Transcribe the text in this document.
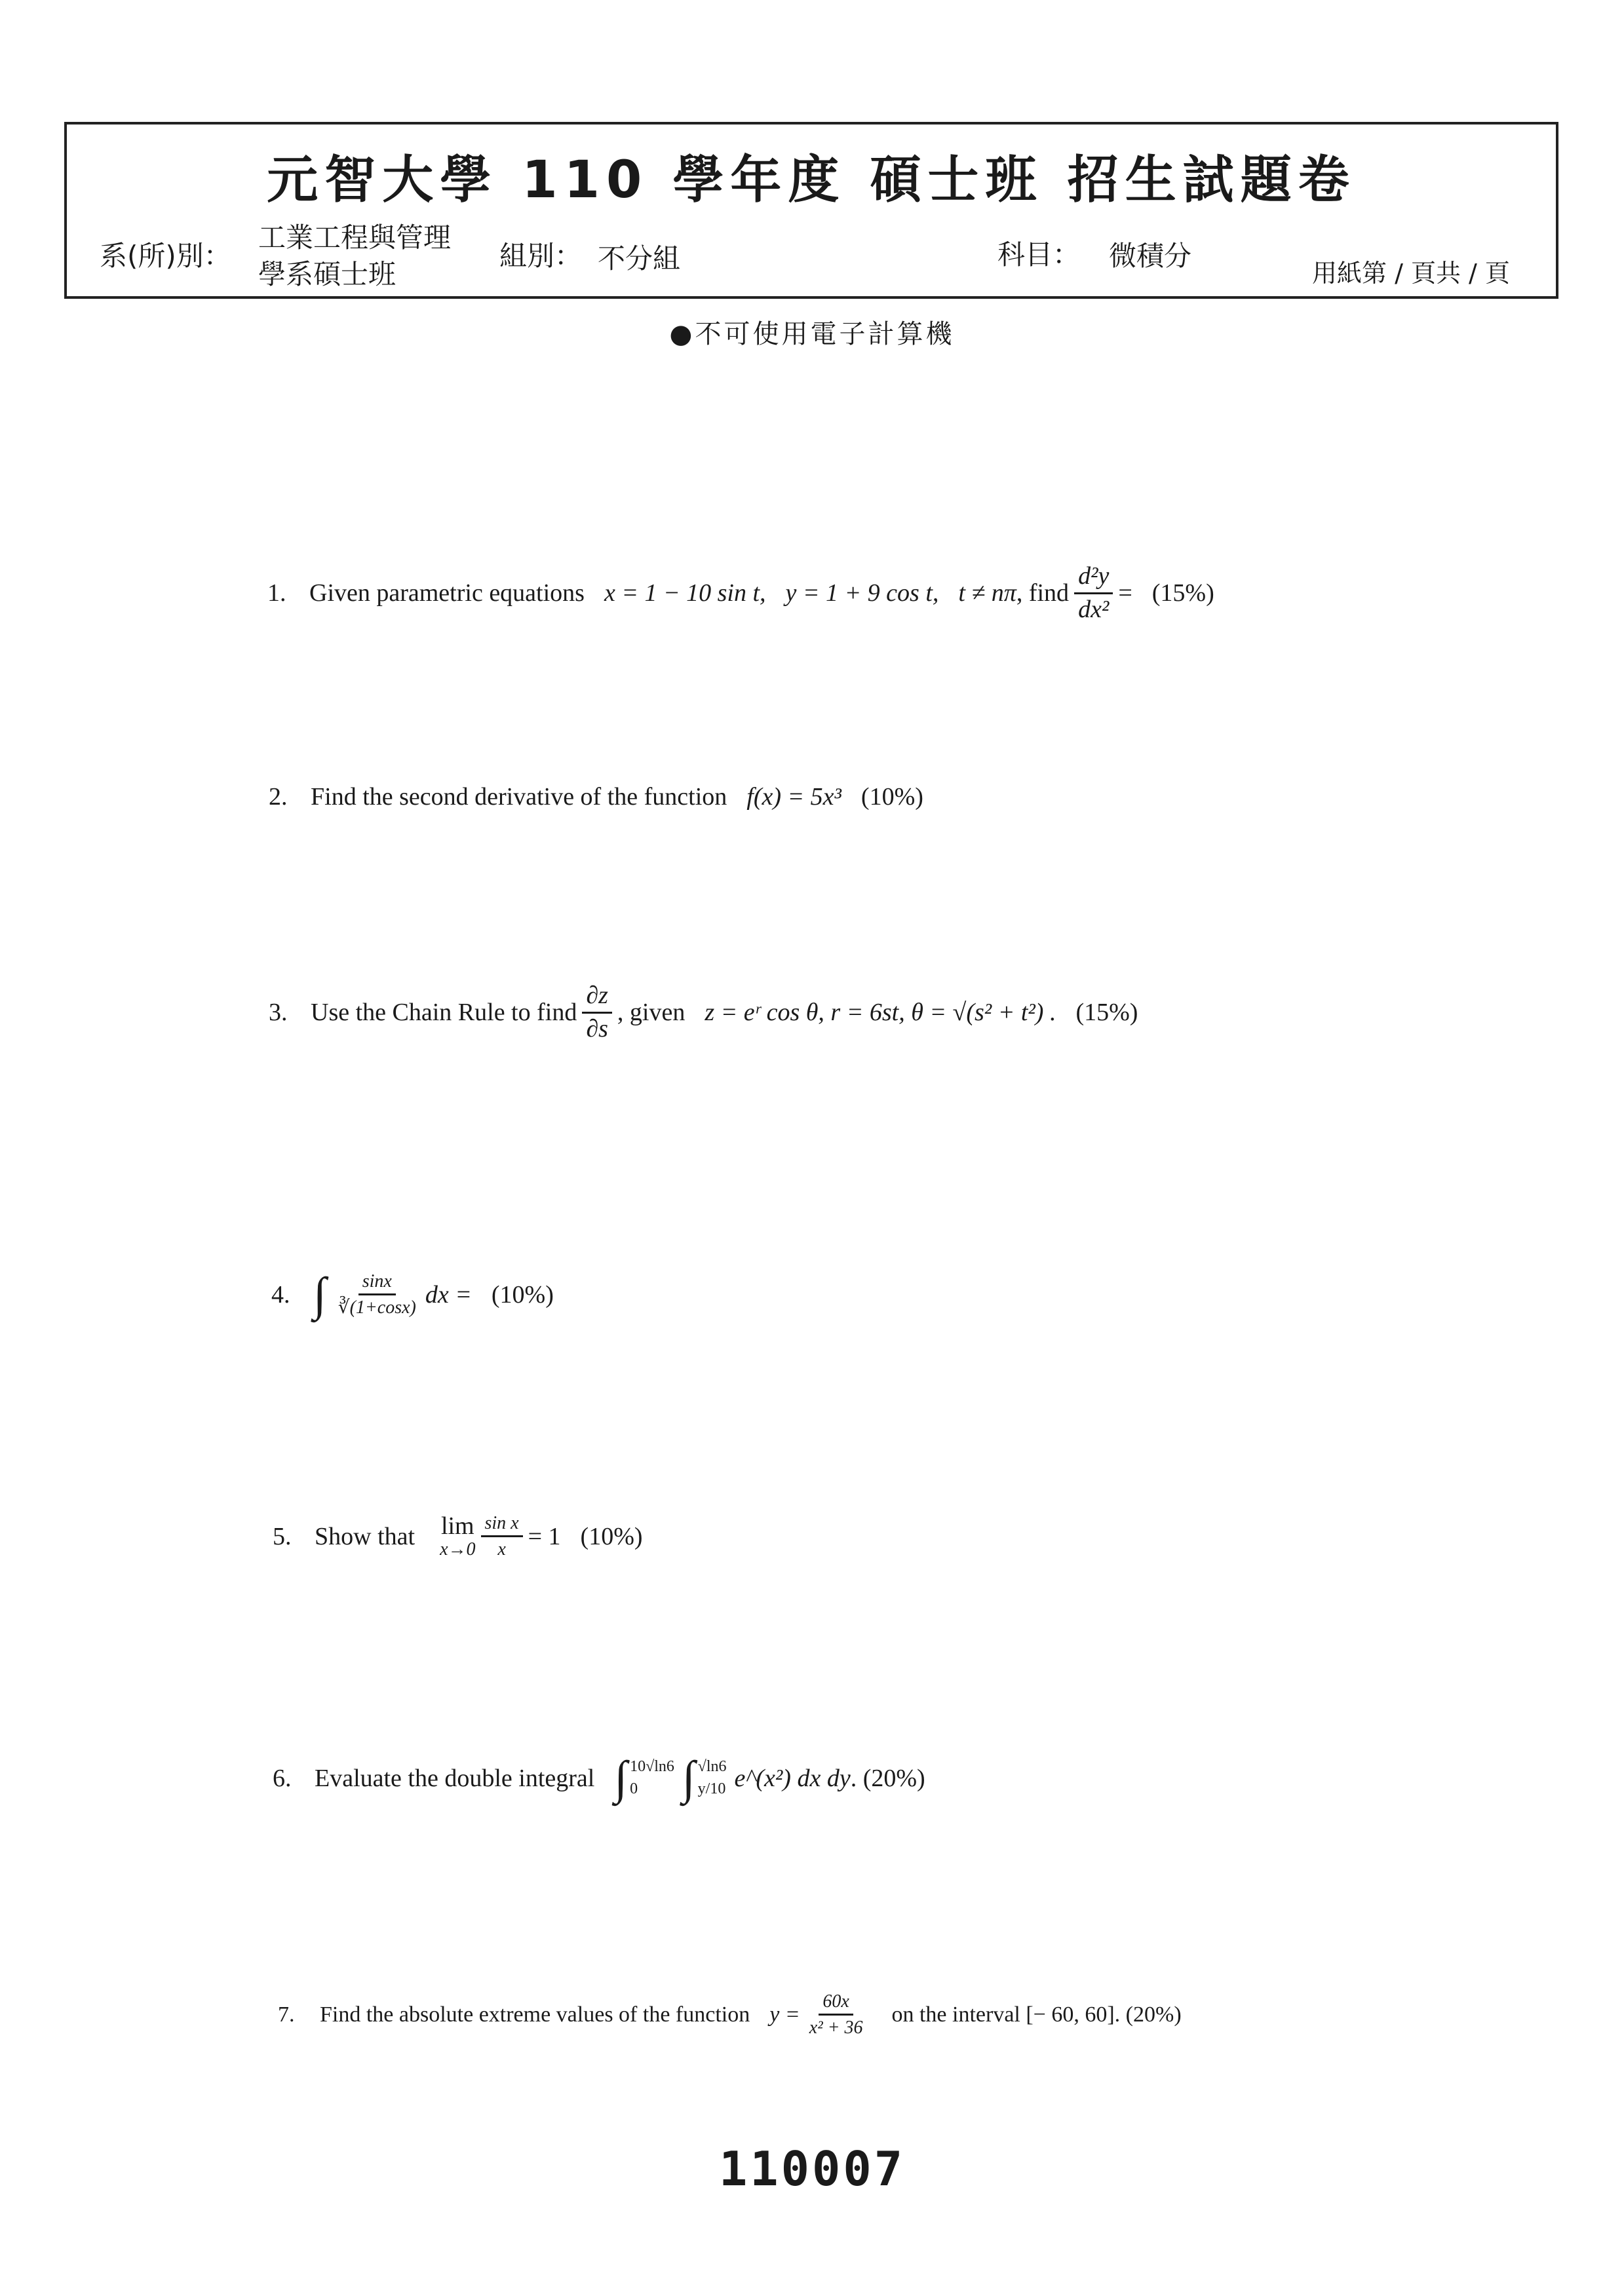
元智大學 110 學年度 碩士班 招生試題卷
系(所)別：
工業工程與管理
學系碩士班
組別： 不分組	科目： 微積分
用紙第 / 頁共 / 頁
●不可使用電子計算機
1. Given parametric equations x = 1 − 10 sin t, y = 1 + 9 cos t, t ≠ nπ , find $\frac{\text{d²y}}{\text{dx²}} = (15\%)$
2. Find the second derivative of the function f(x) = 5x³ (10%)
3. Use the Chain Rule to find $\frac{\partial z}{\partial s}$ , given z = eʳ cos θ, r = 6st, θ = √(s² + t²) . (15%)
4. ∫ $\frac{\sin x}{∛(1+\cos x)}$ dx = (10%)
5. Show that lim
$x\to 0 \frac{\text{sin x}}{x} = 1$ (10%)
6. Evaluate the double integral ∫ 10√ln6
0 ∫ √ln6
y/10 e^(x²) dx dy . (20%)
7.	Find the absolute extreme values of the function $y = \frac{60x}{\text{x² + 36}}$ on the interval [− 60, 60]. (20%)
110007
